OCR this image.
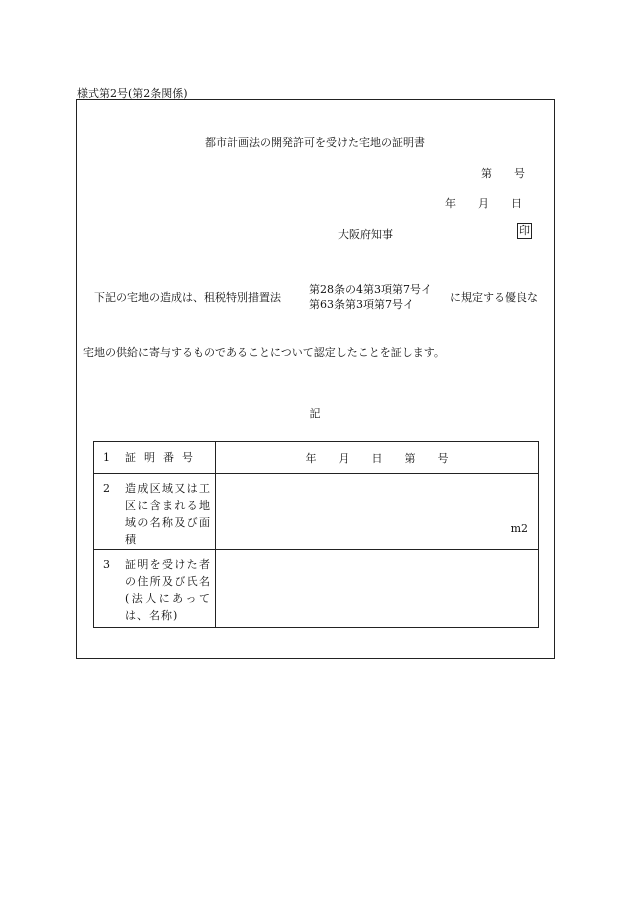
様式第2号(第2条関係)
都市計画法の開発許可を受けた宅地の証明書
第　　号
年　　月　　日
大阪府知事	印
下記の宅地の造成は、租税特別措置法
第28条の4第3項第7号イ
第63条第3項第7号イ
に規定する優良な
宅地の供給に寄与するものであることについて認定したことを証します。
記
1 証明番号	年　　月　　日　　第　　号

2 造成区域又は工区に含まれる地域の名称及び面積	m2

3 証明を受けた者の住所及び氏名(法人にあっては、名称)	
